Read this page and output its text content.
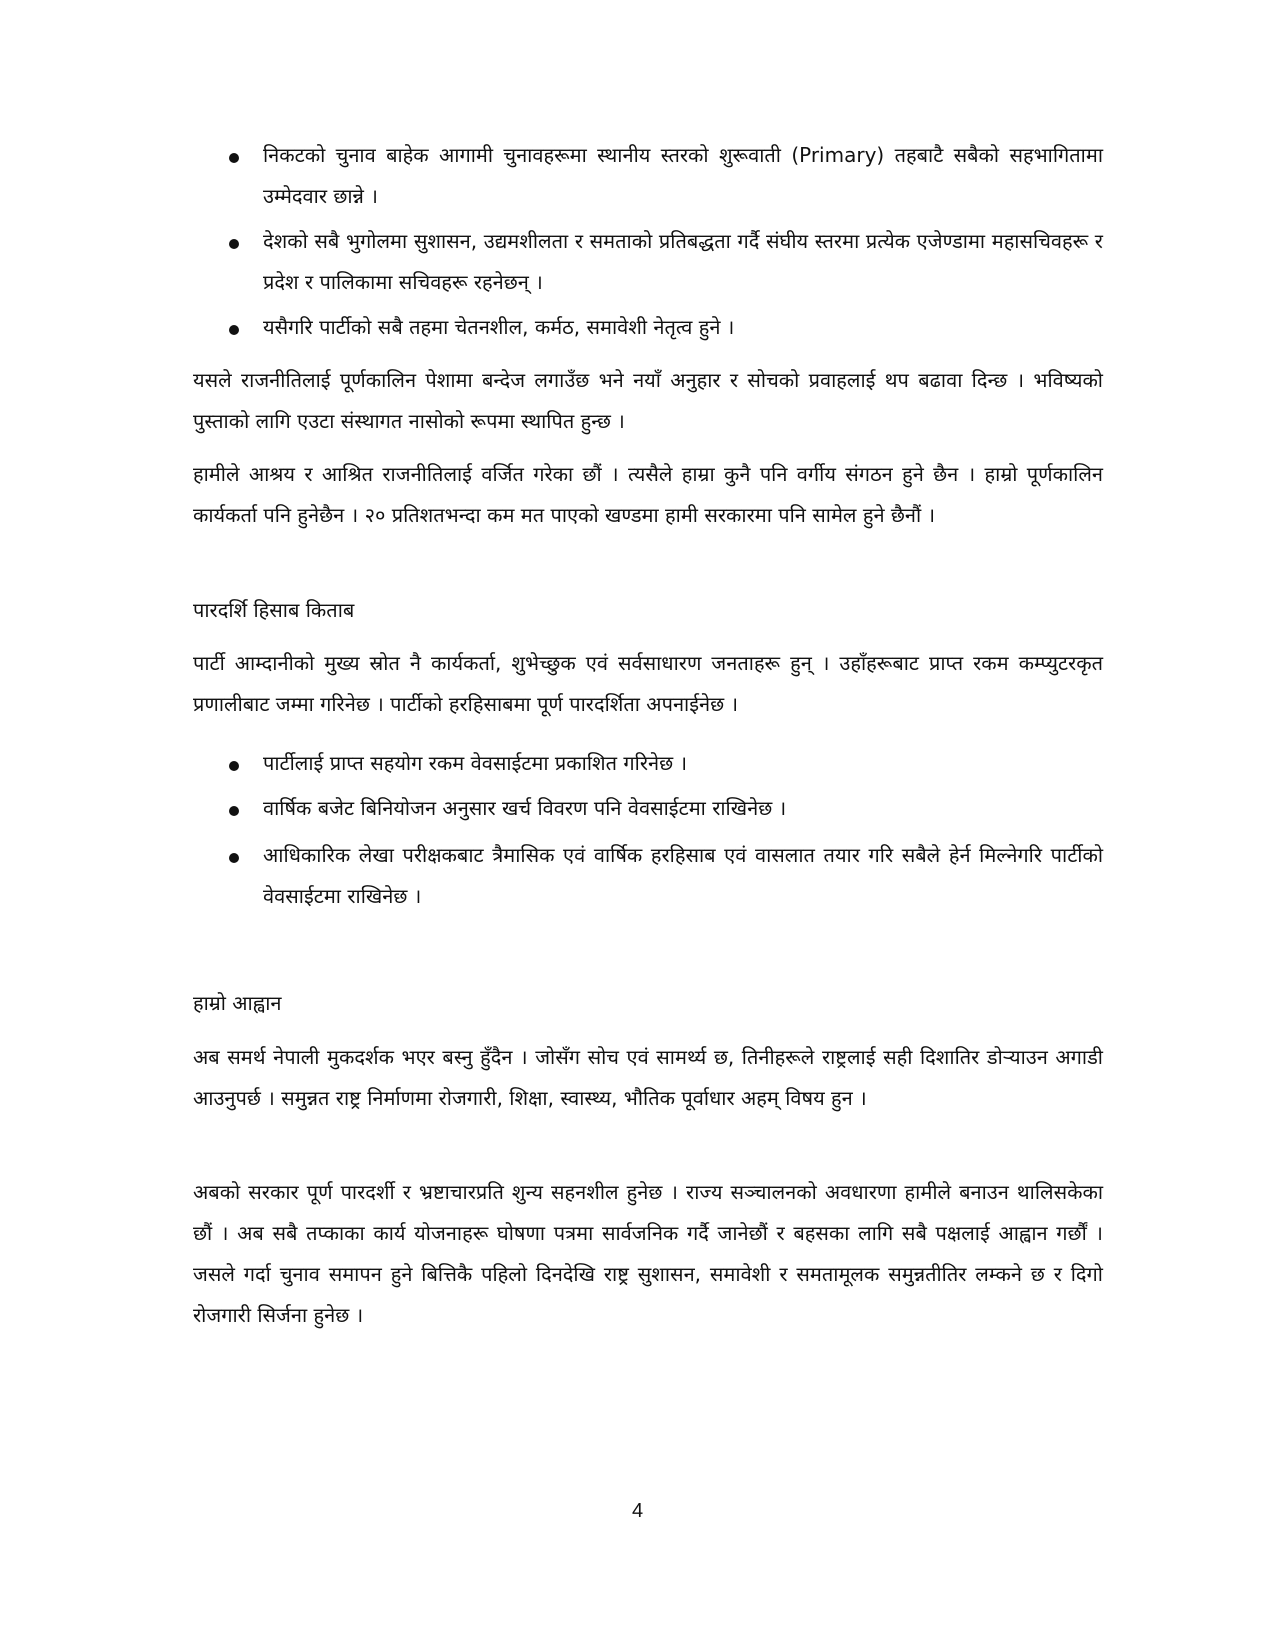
निकटको चुनाव बाहेक आगामी चुनावहरूमा स्थानीय स्तरको शुरूवाती (Primary) तहबाटै सबैको सहभागितामा उम्मेदवार छान्ने ।

देशको सबै भुगोलमा सुशासन, उद्यमशीलता र समताको प्रतिबद्धता गर्दै संघीय स्तरमा प्रत्येक एजेण्डामा महासचिवहरू र प्रदेश र पालिकामा सचिवहरू रहनेछन् ।

यसैगरि पार्टीको सबै तहमा चेतनशील, कर्मठ, समावेशी नेतृत्व हुने ।

यसले राजनीतिलाई पूर्णकालिन पेशामा बन्देज लगाउँछ भने नयाँ अनुहार र सोचको प्रवाहलाई थप बढावा दिन्छ । भविष्यको पुस्ताको लागि एउटा संस्थागत नासोको रूपमा स्थापित हुन्छ ।

हामीले आश्रय र आश्रित राजनीतिलाई वर्जित गरेका छौं । त्यसैले हाम्रा कुनै पनि वर्गीय संगठन हुने छैन । हाम्रो पूर्णकालिन कार्यकर्ता पनि हुनेछैन । २० प्रतिशतभन्दा कम मत पाएको खण्डमा हामी सरकारमा पनि सामेल हुने छैनौं ।

पारदर्शि हिसाब किताब

पार्टी आम्दानीको मुख्य स्रोत नै कार्यकर्ता, शुभेच्छुक एवं सर्वसाधारण जनताहरू हुन् । उहाँहरूबाट प्राप्त रकम कम्प्युटरकृत प्रणालीबाट जम्मा गरिनेछ । पार्टीको हरहिसाबमा पूर्ण पारदर्शिता अपनाईनेछ ।

पार्टीलाई प्राप्त सहयोग रकम वेवसाईटमा प्रकाशित गरिनेछ ।

वार्षिक बजेट बिनियोजन अनुसार खर्च विवरण पनि वेवसाईटमा राखिनेछ ।

आधिकारिक लेखा परीक्षकबाट त्रैमासिक एवं वार्षिक हरहिसाब एवं वासलात तयार गरि सबैले हेर्न मिल्नेगरि पार्टीको वेवसाईटमा राखिनेछ ।

हाम्रो आह्वान

अब समर्थ नेपाली मुकदर्शक भएर बस्नु हुँदैन । जोसँग सोच एवं सामर्थ्य छ, तिनीहरूले राष्ट्रलाई सही दिशातिर डोऱ्याउन अगाडी आउनुपर्छ । समुन्नत राष्ट्र निर्माणमा रोजगारी, शिक्षा, स्वास्थ्य, भौतिक पूर्वाधार अहम् विषय हुन ।

अबको सरकार पूर्ण पारदर्शी र भ्रष्टाचारप्रति शुन्य सहनशील हुनेछ । राज्य सञ्चालनको अवधारणा हामीले बनाउन थालिसकेका छौं । अब सबै तप्काका कार्य योजनाहरू घोषणा पत्रमा सार्वजनिक गर्दै जानेछौं र बहसका लागि सबै पक्षलाई आह्वान गर्छौं । जसले गर्दा चुनाव समापन हुने बित्तिकै पहिलो दिनदेखि राष्ट्र सुशासन, समावेशी र समतामूलक समुन्नतीतिर लम्कने छ र दिगो रोजगारी सिर्जना हुनेछ ।

4
